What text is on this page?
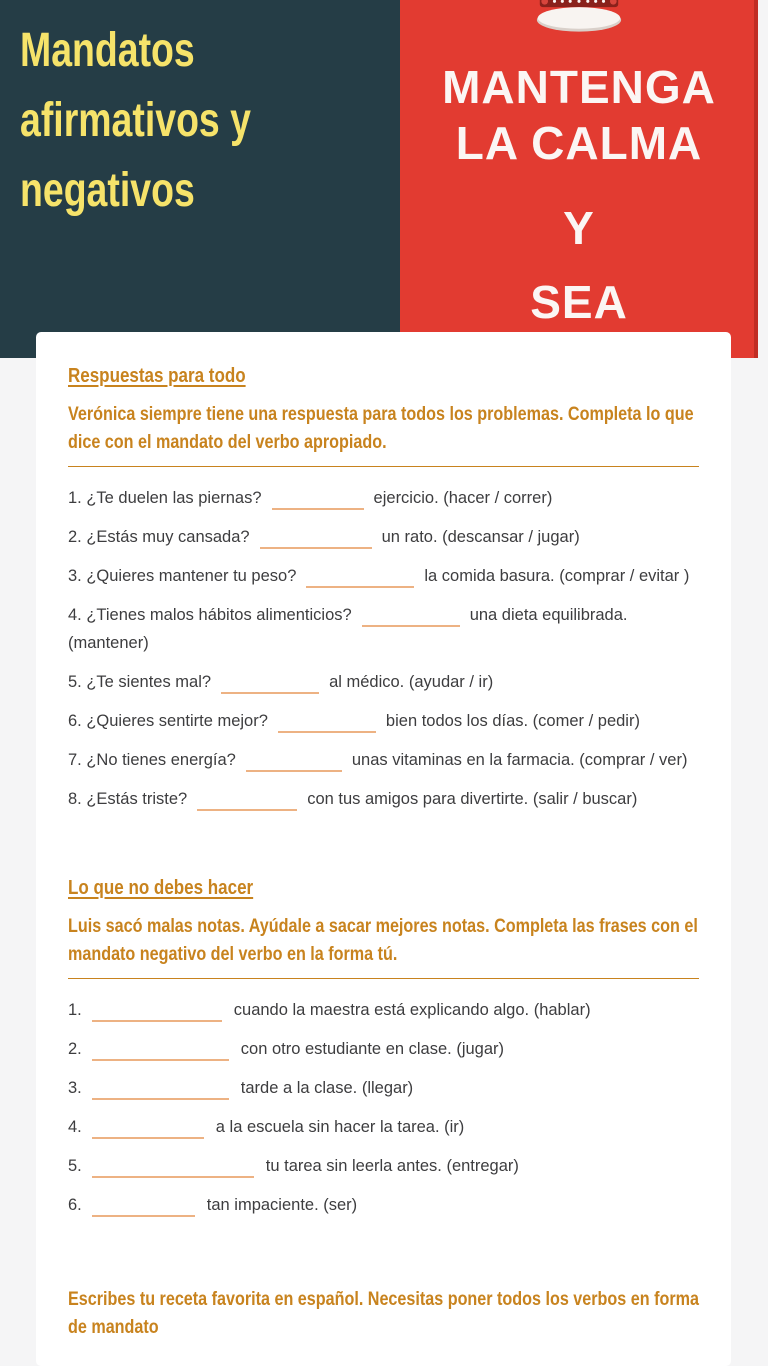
Mandatos
afirmativos y
negativos
MANTENGA
LA CALMA
Y
SEA
Respuestas para todo

Verónica siempre tiene una respuesta para todos los problemas. Completa lo que dice con el mandato del verbo apropiado.

1. ¿Te duelen las piernas?	ejercicio. (hacer / correr)

2. ¿Estás muy cansada?	un rato. (descansar / jugar)

3. ¿Quieres mantener tu peso?	la comida basura. (comprar / evitar )

4. ¿Tienes malos hábitos alimenticios?	una dieta equilibrada. (mantener)

5. ¿Te sientes mal?	al médico. (ayudar / ir)

6. ¿Quieres sentirte mejor?	bien todos los días. (comer / pedir)

7. ¿No tienes energía?	unas vitaminas en la farmacia. (comprar / ver)

8. ¿Estás triste?	con tus amigos para divertirte. (salir / buscar)

Lo que no debes hacer

Luis sacó malas notas. Ayúdale a sacar mejores notas. Completa las frases con el mandato negativo del verbo en la forma tú.

1.	cuando la maestra está explicando algo. (hablar)

2.	con otro estudiante en clase. (jugar)

3.	tarde a la clase. (llegar)

4.	a la escuela sin hacer la tarea. (ir)

5.	tu tarea sin leerla antes. (entregar)

6.	tan impaciente. (ser)

Escribes tu receta favorita en español. Necesitas poner todos los verbos en forma de mandato
